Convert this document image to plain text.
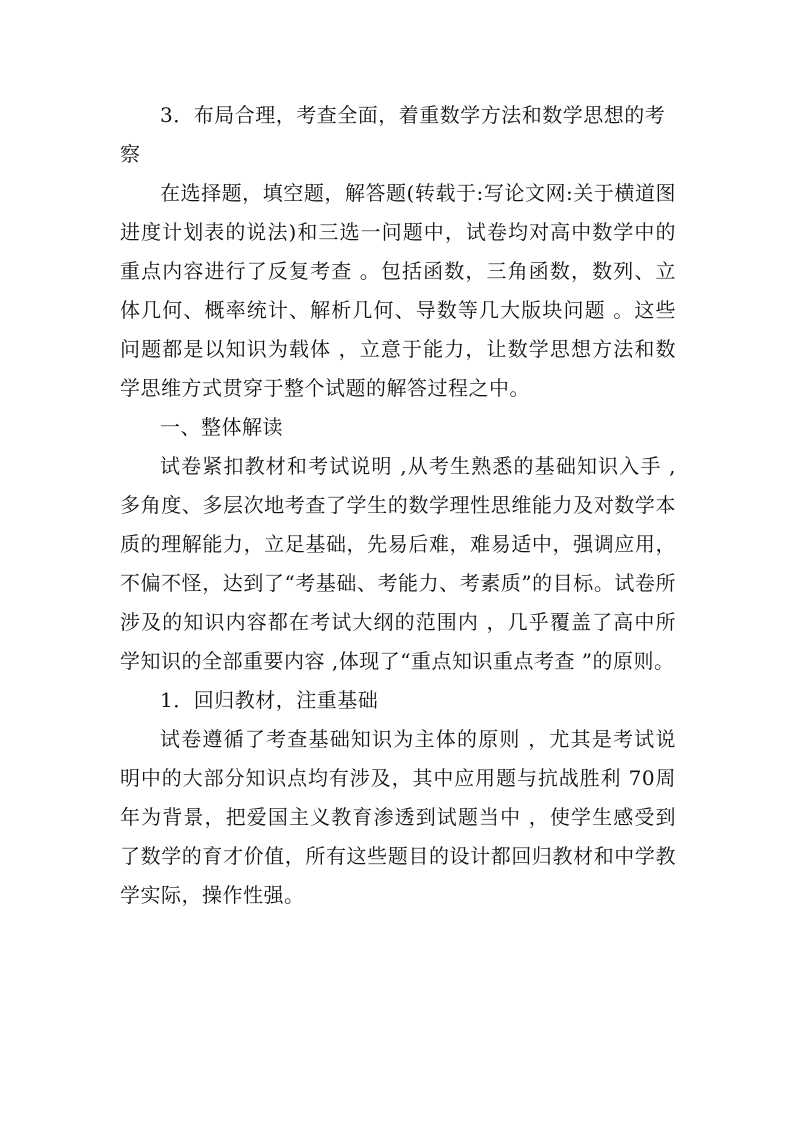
3．布局合理，考查全面，着重数学方法和数学思想的考察

在选择题，填空题，解答题(转载于:写论文网:关于横道图进度计划表的说法)和三选一问题中，试卷均对高中数学中的重点内容进行了反复考查 。包括函数，三角函数，数列、立体几何、概率统计、解析几何、导数等几大版块问题 。这些问题都是以知识为载体 ，立意于能力，让数学思想方法和数学思维方式贯穿于整个试题的解答过程之中。

一、整体解读

试卷紧扣教材和考试说明 ,从考生熟悉的基础知识入手 ,多角度、多层次地考查了学生的数学理性思维能力及对数学本质的理解能力，立足基础，先易后难，难易适中，强调应用，不偏不怪，达到了“考基础、考能力、考素质”的目标。试卷所涉及的知识内容都在考试大纲的范围内 ，几乎覆盖了高中所学知识的全部重要内容 ,体现了“重点知识重点考查 ”的原则。

1．回归教材，注重基础

试卷遵循了考查基础知识为主体的原则 ，尤其是考试说明中的大部分知识点均有涉及，其中应用题与抗战胜利 70周年为背景，把爱国主义教育渗透到试题当中 ，使学生感受到了数学的育才价值，所有这些题目的设计都回归教材和中学教学实际，操作性强。
